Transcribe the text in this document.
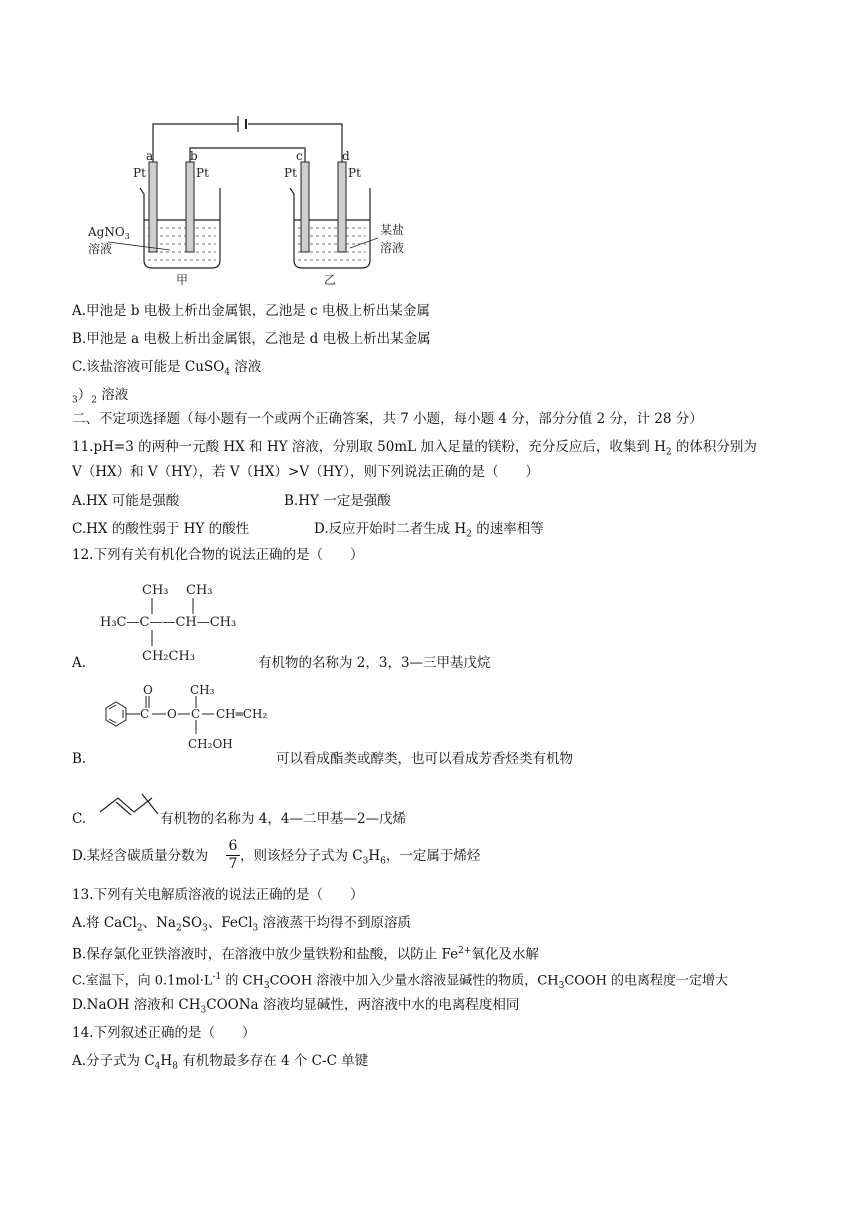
a	b	c	d
Pt	Pt	Pt	Pt
AgNO$_3$
溶液
某盐
溶液
甲	乙
A.甲池是 b 电极上析出金属银，乙池是 c 电极上析出某金属
B.甲池是 a 电极上析出金属银，乙池是 d 电极上析出某金属
C.该盐溶液可能是 CuSO$_4$ 溶液
$_3)_2$ 溶液
二、不定项选择题（每小题有一个或两个正确答案，共 7 小题，每小题 4 分，部分分值 2 分，计 28 分）
11.pH=3 的两种一元酸 HX 和 HY 溶液，分别取 50mL 加入足量的镁粉，充分反应后，收集到 $H_2$ 的体积分别为
V（HX）和 V（HY），若 V（HX）>V（HY），则下列说法正确的是（　　）
A.HX 可能是强酸	B.HY 一定是强酸
C.HX 的酸性弱于 HY 的酸性	D.反应开始时二者生成 $H_2$ 的速率相等
12.下列有关有机化合物的说法正确的是（　　）
CH₃ CH₃
H₃C—C——CH—CH₃
CH₂CH₃
A.	有机物的名称为 2，3，3—三甲基戊烷
O	CH₃
C O C CH═CH₂
CH₂OH
B.	可以看成酯类或醇类，也可以看成芳香烃类有机物
C.	有机物的名称为 4，4—二甲基—2—戊烯
D.某烃含碳质量分数为 $\frac{6}{7}$ ，则该烃分子式为 $C_3H_6$，一定属于烯烃
13.下列有关电解质溶液的说法正确的是（　　）
A.将 CaCl$_2$、$Na_2SO_3$、FeCl$_3$ 溶液蒸干均得不到原溶质
B.保存氯化亚铁溶液时，在溶液中放少量铁粉和盐酸，以防止 $Fe^{2+}$氧化及水解
C.室温下，向 $0.1mol\cdot L^{-1}$ 的 $CH_3COOH$ 溶液中加入少量水溶液显碱性的物质，$CH_3COOH$ 的电离程度一定增大
D.NaOH 溶液和 $CH_3COONa$ 溶液均显碱性，两溶液中水的电离程度相同
14.下列叙述正确的是（　　）
A.分子式为 $C_4H_8$ 有机物最多存在 4 个 C-C 单键
